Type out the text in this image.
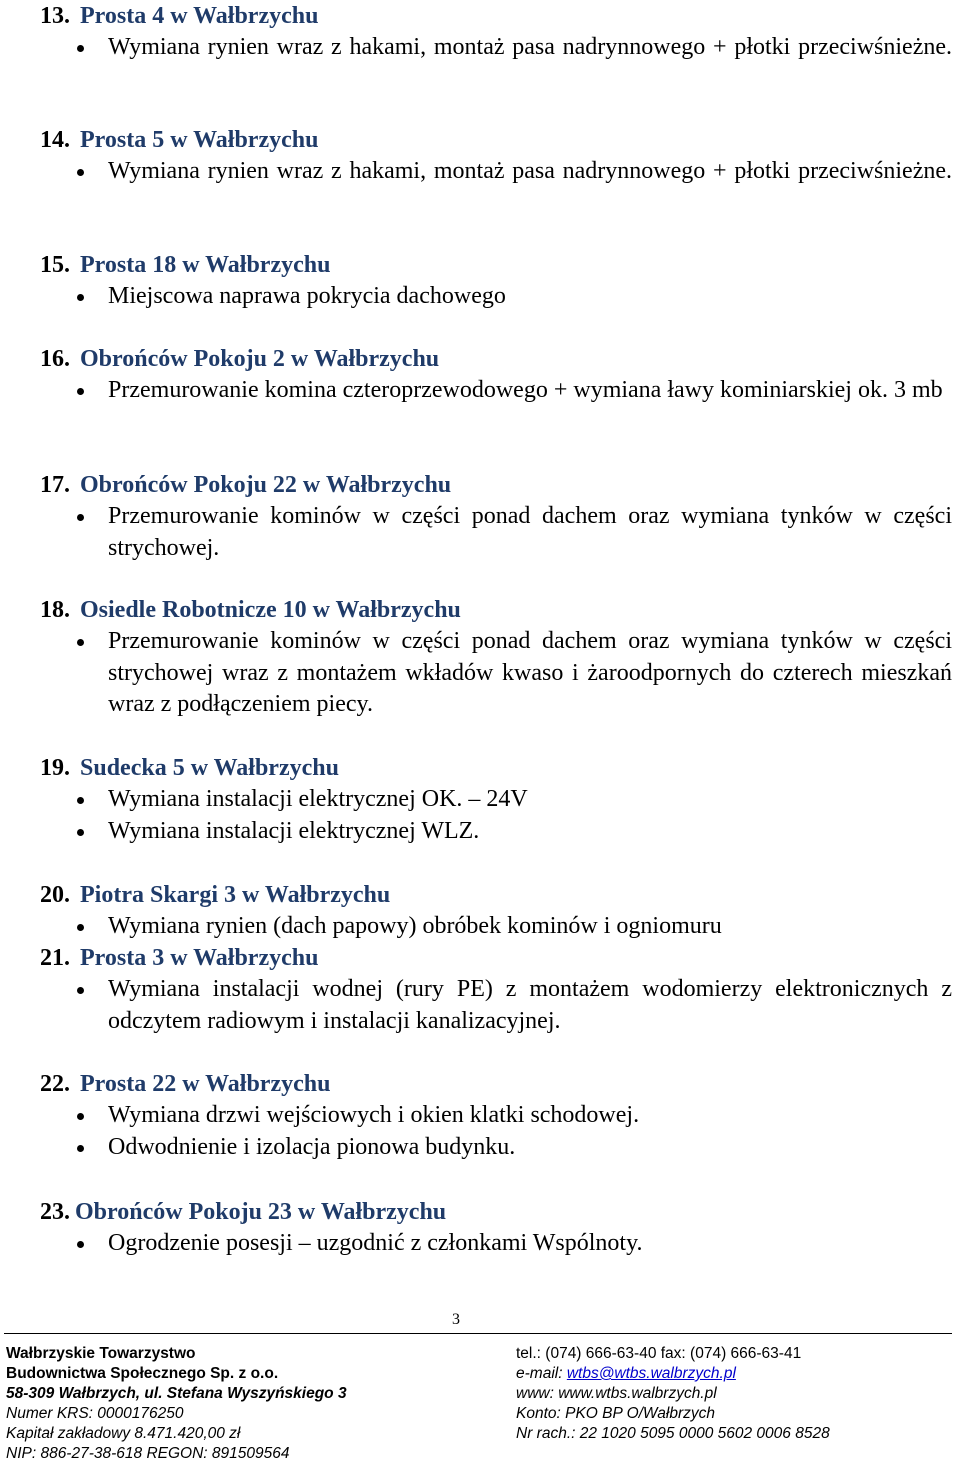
13. Prosta 4 w Wałbrzychu
Wymiana rynien wraz z hakami, montaż pasa nadrynnowego + płotki przeciwśnieżne.
14. Prosta 5 w Wałbrzychu
Wymiana rynien wraz z hakami, montaż pasa nadrynnowego + płotki przeciwśnieżne.
15. Prosta 18 w Wałbrzychu
Miejscowa naprawa pokrycia dachowego
16. Obrońców Pokoju 2 w Wałbrzychu
Przemurowanie komina czteroprzewodowego + wymiana ławy kominiarskiej ok. 3 mb
17. Obrońców Pokoju 22 w Wałbrzychu
Przemurowanie kominów w części ponad dachem oraz wymiana tynków w części strychowej.
18. Osiedle Robotnicze 10 w Wałbrzychu
Przemurowanie kominów w części ponad dachem oraz wymiana tynków w części strychowej wraz z montażem wkładów kwaso i żaroodpornych do czterech mieszkań wraz z podłączeniem piecy.
19. Sudecka 5 w Wałbrzychu
Wymiana instalacji elektrycznej OK. – 24V
Wymiana instalacji elektrycznej WLZ.
20. Piotra Skargi 3 w Wałbrzychu
Wymiana rynien (dach papowy) obróbek kominów i ogniomuru
21. Prosta 3 w Wałbrzychu
Wymiana instalacji wodnej (rury PE) z montażem wodomierzy elektronicznych z odczytem radiowym i instalacji kanalizacyjnej.
22. Prosta 22 w Wałbrzychu
Wymiana drzwi wejściowych i okien klatki schodowej.
Odwodnienie i izolacja pionowa budynku.
23. Obrońców Pokoju 23 w Wałbrzychu
Ogrodzenie posesji – uzgodnić z członkami Wspólnoty.
3
Wałbrzyskie Towarzystwo
Budownictwa Społecznego Sp. z o.o.
58-309 Wałbrzych, ul. Stefana Wyszyńskiego 3
Numer KRS: 0000176250
Kapitał zakładowy 8.471.420,00 zł
NIP: 886-27-38-618 REGON: 891509564
tel.: (074) 666-63-40 fax: (074) 666-63-41
e-mail: wtbs@wtbs.walbrzych.pl
www: www.wtbs.walbrzych.pl
Konto: PKO BP O/Wałbrzych
Nr rach.: 22 1020 5095 0000 5602 0006 8528
